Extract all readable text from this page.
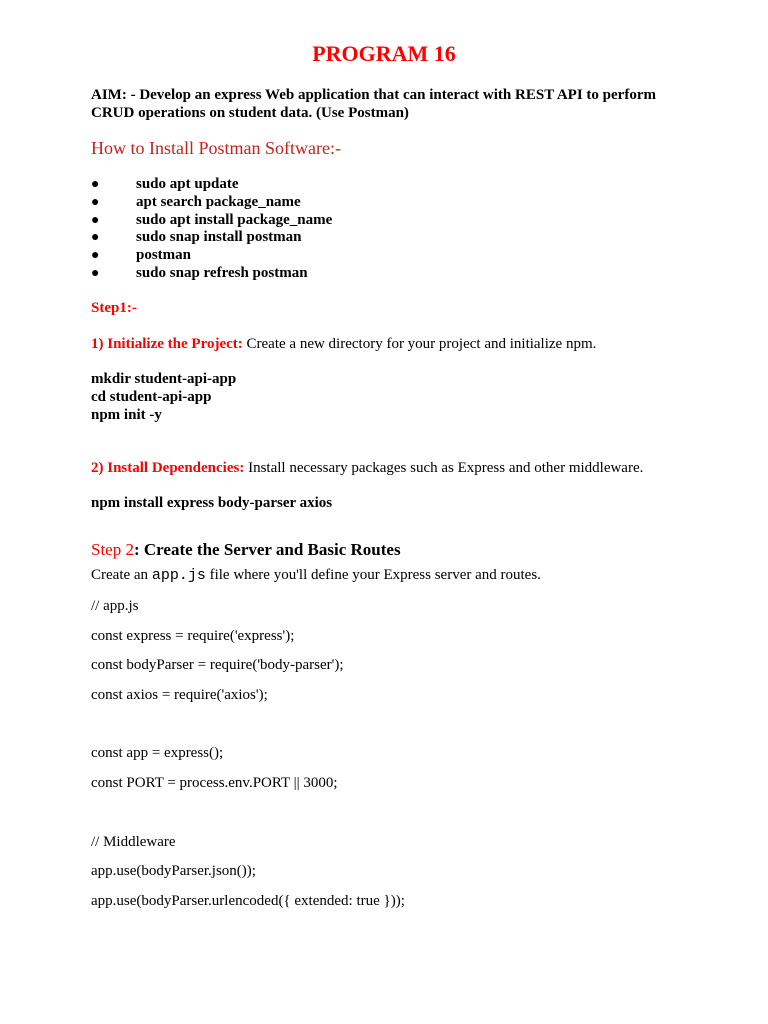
PROGRAM 16
AIM: - Develop an express Web application that can interact with REST API to perform CRUD operations on student data. (Use Postman)
How to Install Postman Software:-
● sudo apt update
● apt search package_name
● sudo apt install package_name
● sudo snap install postman
● postman
● sudo snap refresh postman
Step1:-
1) Initialize the Project: Create a new directory for your project and initialize npm.
mkdir student-api-app
cd student-api-app
npm init -y
2) Install Dependencies: Install necessary packages such as Express and other middleware.
npm install express body-parser axios
Step 2: Create the Server and Basic Routes
Create an app.js file where you'll define your Express server and routes.
// app.js
const express = require('express');
const bodyParser = require('body-parser');
const axios = require('axios');
const app = express();
const PORT = process.env.PORT || 3000;
// Middleware
app.use(bodyParser.json());
app.use(bodyParser.urlencoded({ extended: true }));
